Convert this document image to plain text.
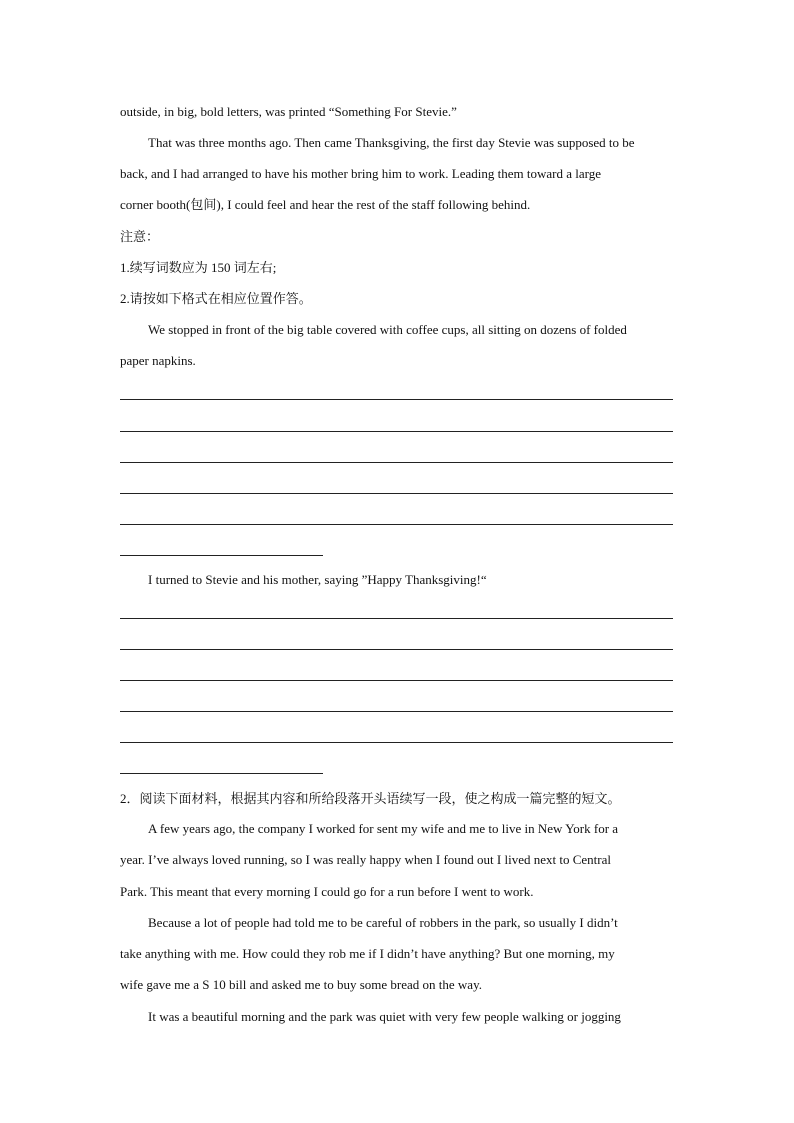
outside, in big, bold letters, was printed “Something For Stevie.”
That was three months ago. Then came Thanksgiving, the first day Stevie was supposed to be
back, and I had arranged to have his mother bring him to work. Leading them toward a large
corner booth(包间), I could feel and hear the rest of the staff following behind.
注意：
1.续写词数应为 150 词左右;
2.请按如下格式在相应位置作答。
We stopped in front of the big table covered with coffee cups, all sitting on dozens of folded
paper napkins.
I turned to Stevie and his mother, saying ”Happy Thanksgiving!“
2．阅读下面材料，根据其内容和所给段落开头语续写一段，使之构成一篇完整的短文。
A few years ago, the company I worked for sent my wife and me to live in New York for a
year. I’ve always loved running, so I was really happy when I found out I lived next to Central
Park. This meant that every morning I could go for a run before I went to work.
Because a lot of people had told me to be careful of robbers in the park, so usually I didn’t
take anything with me. How could they rob me if I didn’t have anything? But one morning, my
wife gave me a S 10 bill and asked me to buy some bread on the way.
It was a beautiful morning and the park was quiet with very few people walking or jogging
